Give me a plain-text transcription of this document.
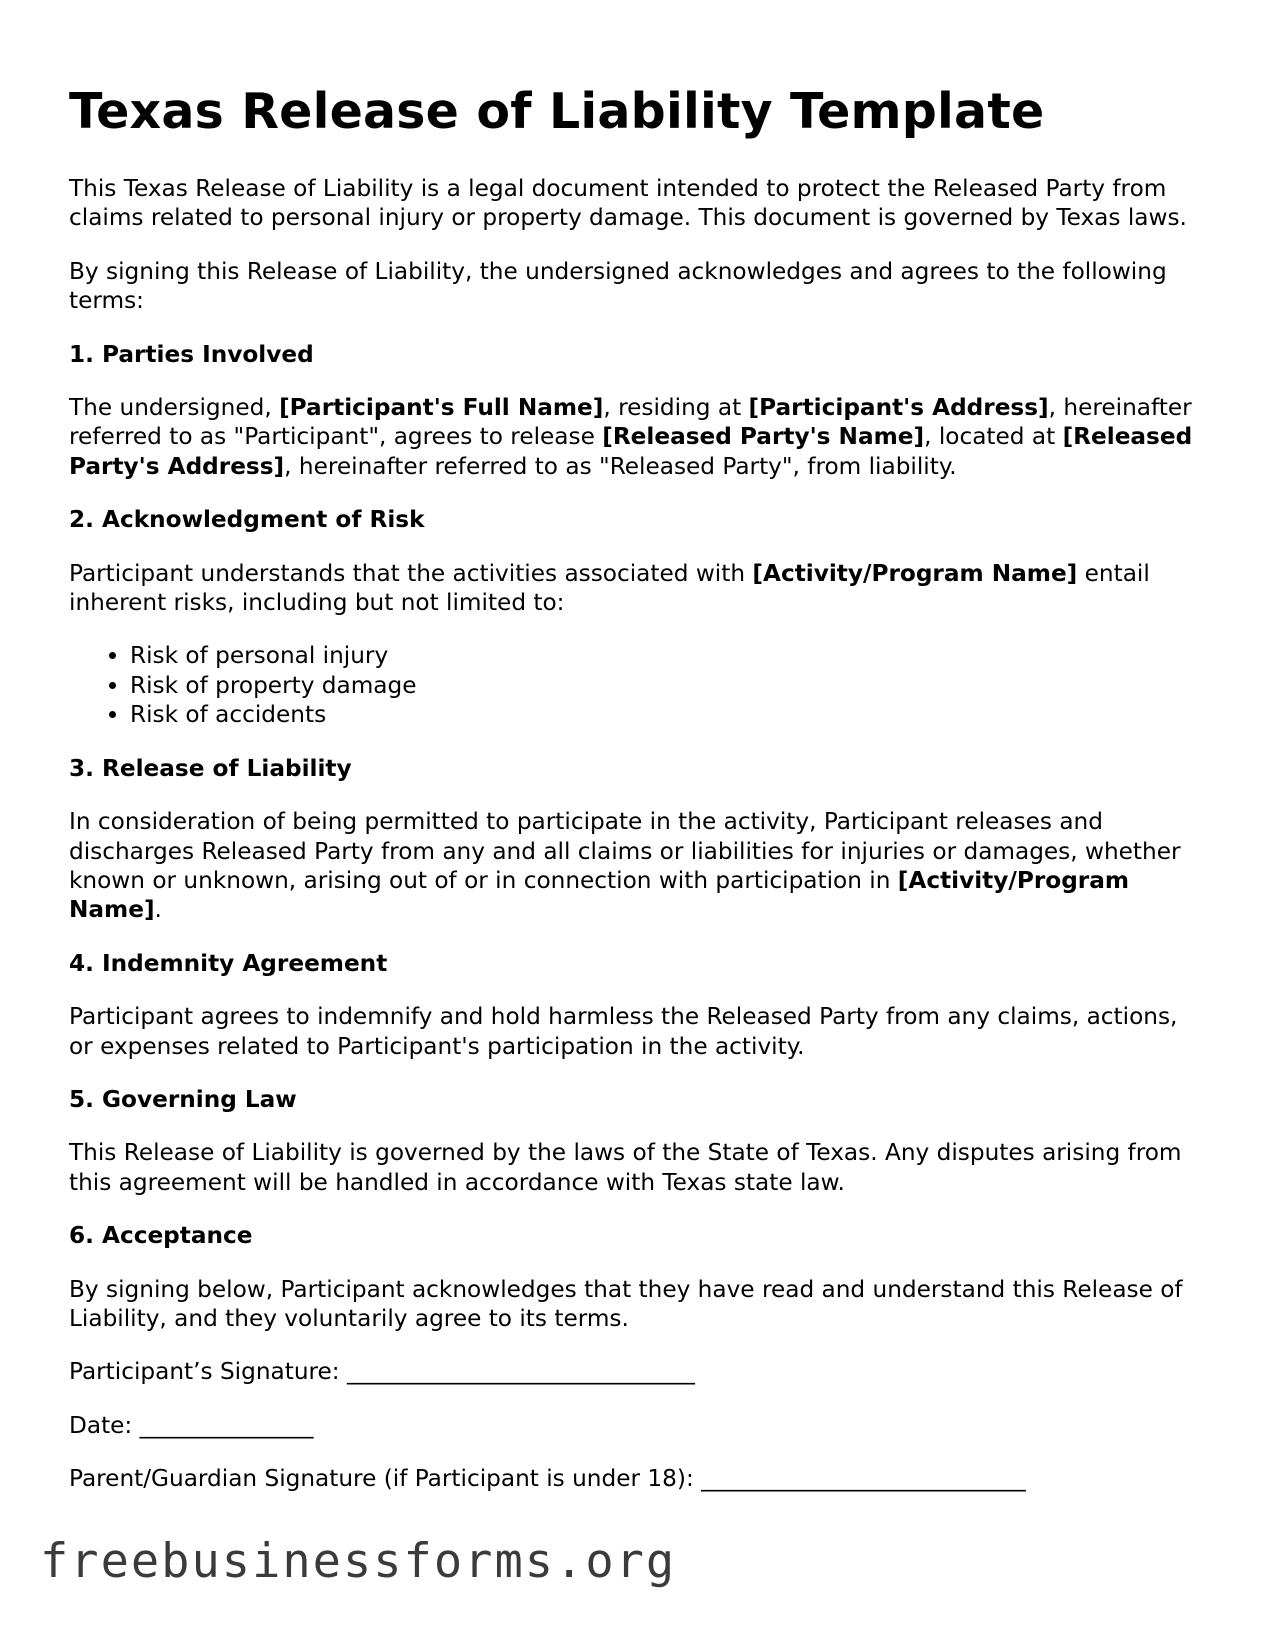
Texas Release of Liability Template

This Texas Release of Liability is a legal document intended to protect the Released Party from claims related to personal injury or property damage. This document is governed by Texas laws.

By signing this Release of Liability, the undersigned acknowledges and agrees to the following terms:

1. Parties Involved

The undersigned, [Participant's Full Name], residing at [Participant's Address], hereinafter referred to as "Participant", agrees to release [Released Party's Name], located at [Released Party's Address], hereinafter referred to as "Released Party", from liability.

2. Acknowledgment of Risk

Participant understands that the activities associated with [Activity/Program Name] entail inherent risks, including but not limited to:

• Risk of personal injury
• Risk of property damage
• Risk of accidents
3. Release of Liability

In consideration of being permitted to participate in the activity, Participant releases and discharges Released Party from any and all claims or liabilities for injuries or damages, whether known or unknown, arising out of or in connection with participation in [Activity/Program Name].

4. Indemnity Agreement

Participant agrees to indemnify and hold harmless the Released Party from any claims, actions, or expenses related to Participant's participation in the activity.

5. Governing Law

This Release of Liability is governed by the laws of the State of Texas. Any disputes arising from this agreement will be handled in accordance with Texas state law.

6. Acceptance

By signing below, Participant acknowledges that they have read and understand this Release of Liability, and they voluntarily agree to its terms.

Participant’s Signature: ______________________________

Date: _______________

Parent/Guardian Signature (if Participant is under 18): ____________________________

freebusinessforms.org
